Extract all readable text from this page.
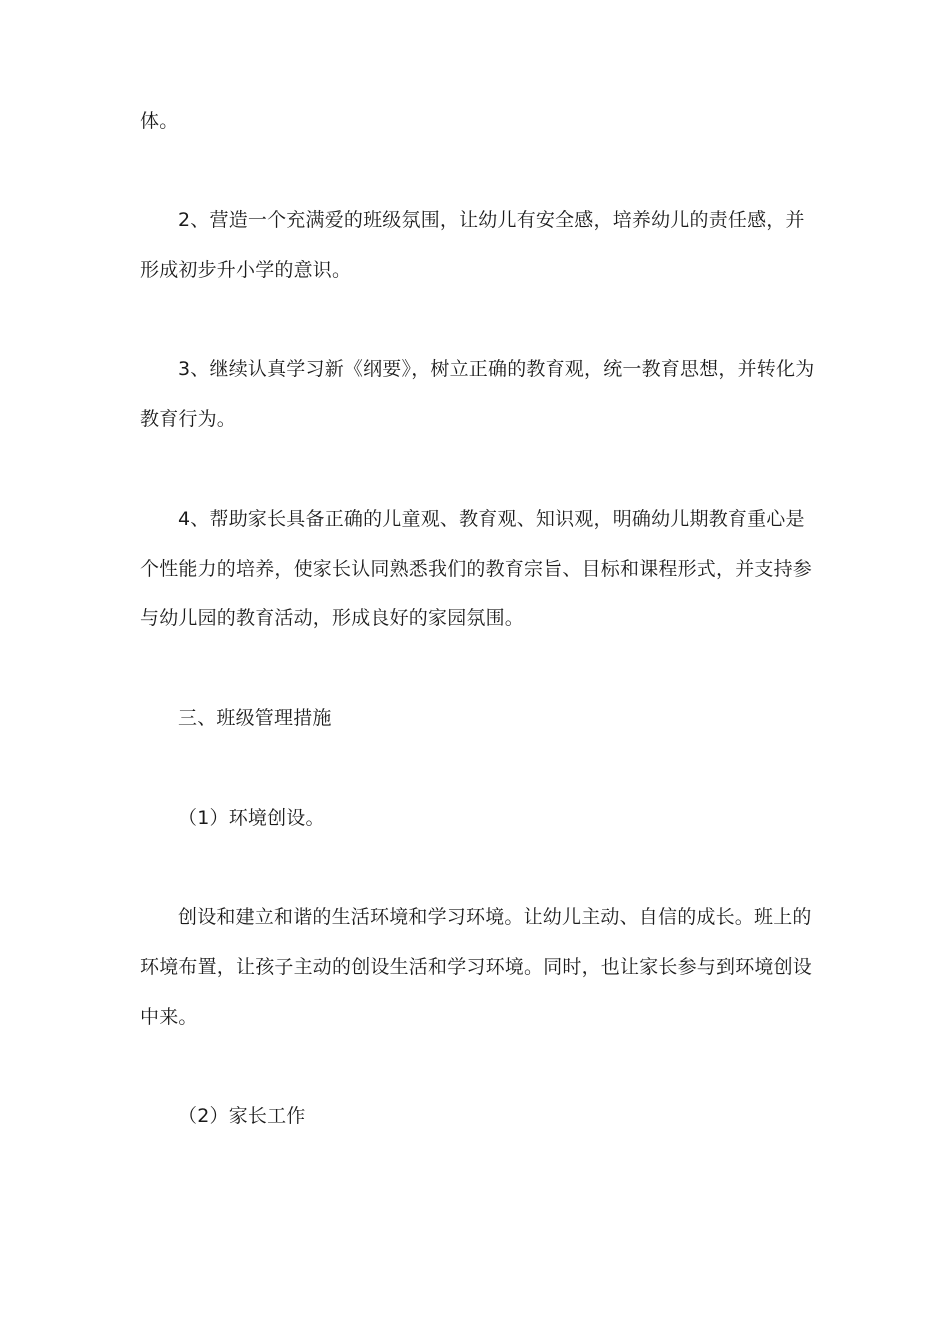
体。
2、营造一个充满爱的班级氛围，让幼儿有安全感，培养幼儿的责任感，并
形成初步升小学的意识。
3、继续认真学习新《纲要》，树立正确的教育观，统一教育思想，并转化为
教育行为。
4、帮助家长具备正确的儿童观、教育观、知识观，明确幼儿期教育重心是
个性能力的培养，使家长认同熟悉我们的教育宗旨、目标和课程形式，并支持参
与幼儿园的教育活动，形成良好的家园氛围。
三、班级管理措施
（1）环境创设。
创设和建立和谐的生活环境和学习环境。让幼儿主动、自信的成长。班上的
环境布置，让孩子主动的创设生活和学习环境。同时，也让家长参与到环境创设
中来。
（2）家长工作
